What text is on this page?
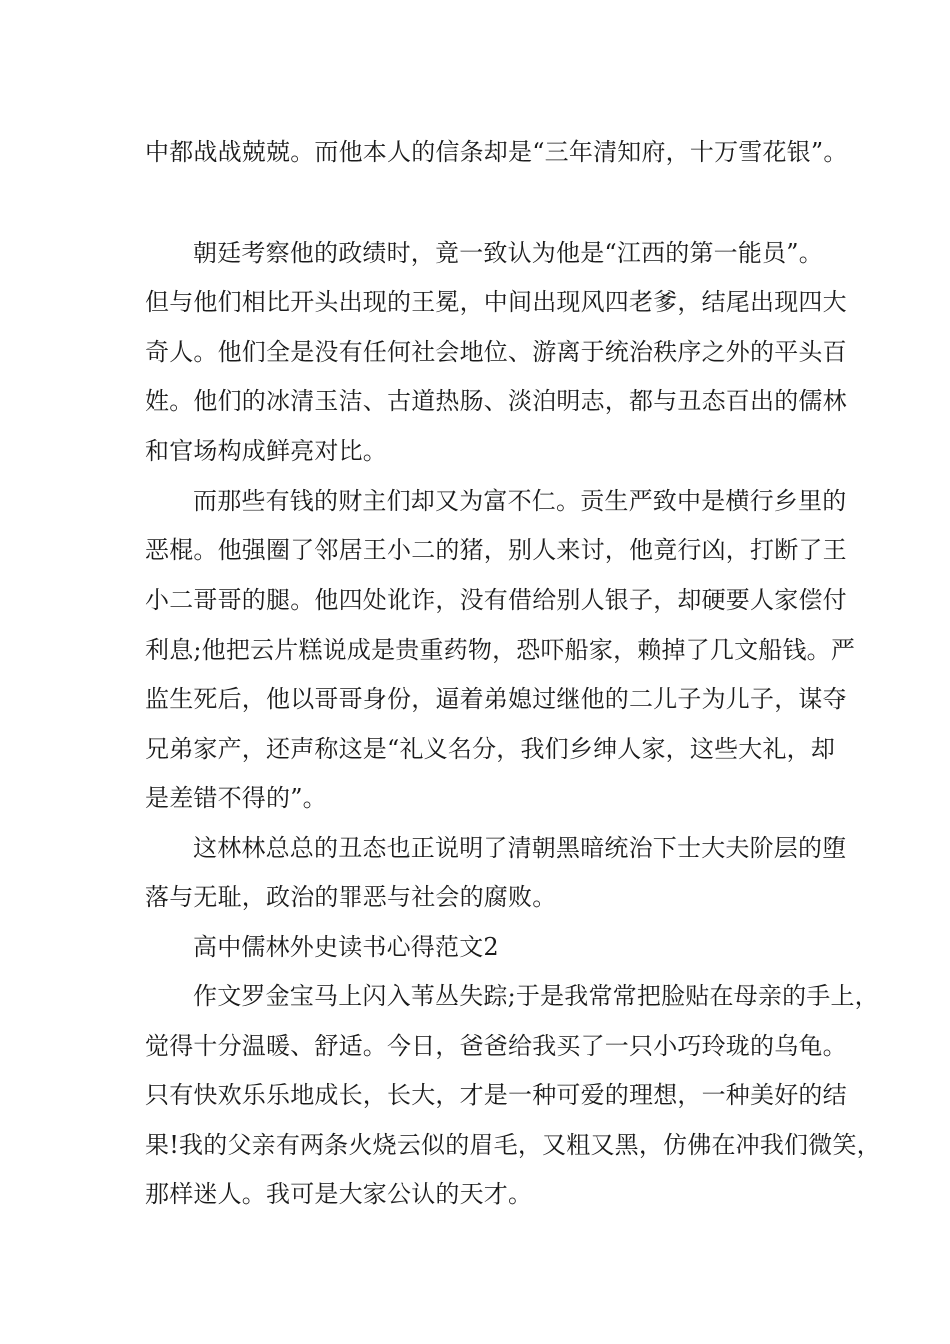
中都战战兢兢。而他本人的信条却是“三年清知府，十万雪花银”。
朝廷考察他的政绩时，竟一致认为他是“江西的第一能员”。
但与他们相比开头出现的王冕，中间出现风四老爹，结尾出现四大
奇人。他们全是没有任何社会地位、游离于统治秩序之外的平头百
姓。他们的冰清玉洁、古道热肠、淡泊明志，都与丑态百出的儒林
和官场构成鲜亮对比。
而那些有钱的财主们却又为富不仁。贡生严致中是横行乡里的
恶棍。他强圈了邻居王小二的猪，别人来讨，他竟行凶，打断了王
小二哥哥的腿。他四处讹诈，没有借给别人银子，却硬要人家偿付
利息;他把云片糕说成是贵重药物，恐吓船家，赖掉了几文船钱。严
监生死后，他以哥哥身份，逼着弟媳过继他的二儿子为儿子，谋夺
兄弟家产，还声称这是“礼义名分，我们乡绅人家，这些大礼，却
是差错不得的”。
这林林总总的丑态也正说明了清朝黑暗统治下士大夫阶层的堕
落与无耻，政治的罪恶与社会的腐败。
高中儒林外史读书心得范文2
作文罗金宝马上闪入苇丛失踪;于是我常常把脸贴在母亲的手上，
觉得十分温暖、舒适。今日，爸爸给我买了一只小巧玲珑的乌龟。
只有快欢乐乐地成长，长大，才是一种可爱的理想，一种美好的结
果!我的父亲有两条火烧云似的眉毛，又粗又黑，仿佛在冲我们微笑，
那样迷人。我可是大家公认的天才。
